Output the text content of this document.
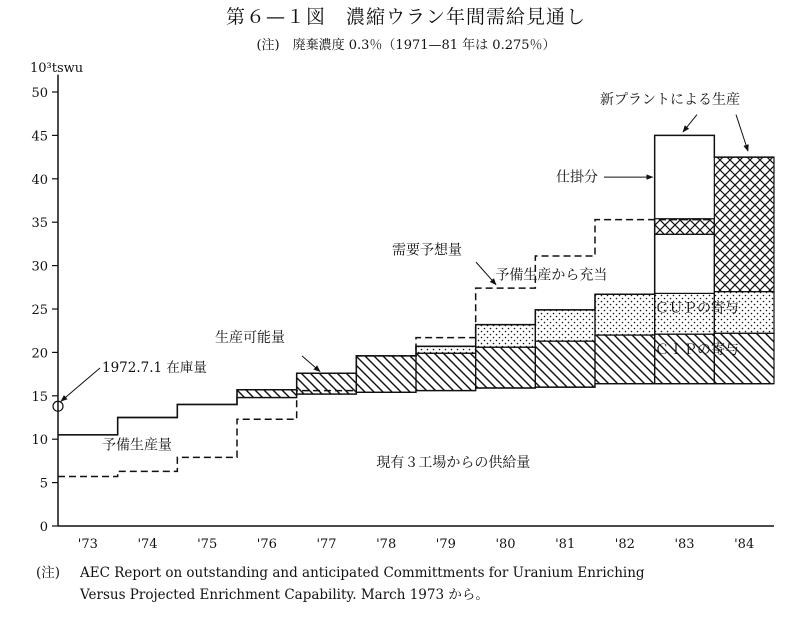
第６—１図　濃縮ウラン年間需給見通し
(注)　廃棄濃度 0.3％（1971—81 年は 0.275％）
0
5
10
15
20
25
30
35
40
45
50
10³tswu
'73	'74	'75	'76	'77	'78	'79	'80	'81	'82	'83	'84
1972.7.1 在庫量
現有３工場からの供給量
ＣＩＰの寄与
ＣＵＰの寄与
予備生産から充当
予備生産量
生産可能量
需要予想量
仕掛分
新プラントによる生産
(注) AEC Report on outstanding and anticipated Committments for Uranium Enriching
Versus Projected Enrichment Capability. March 1973 から。
